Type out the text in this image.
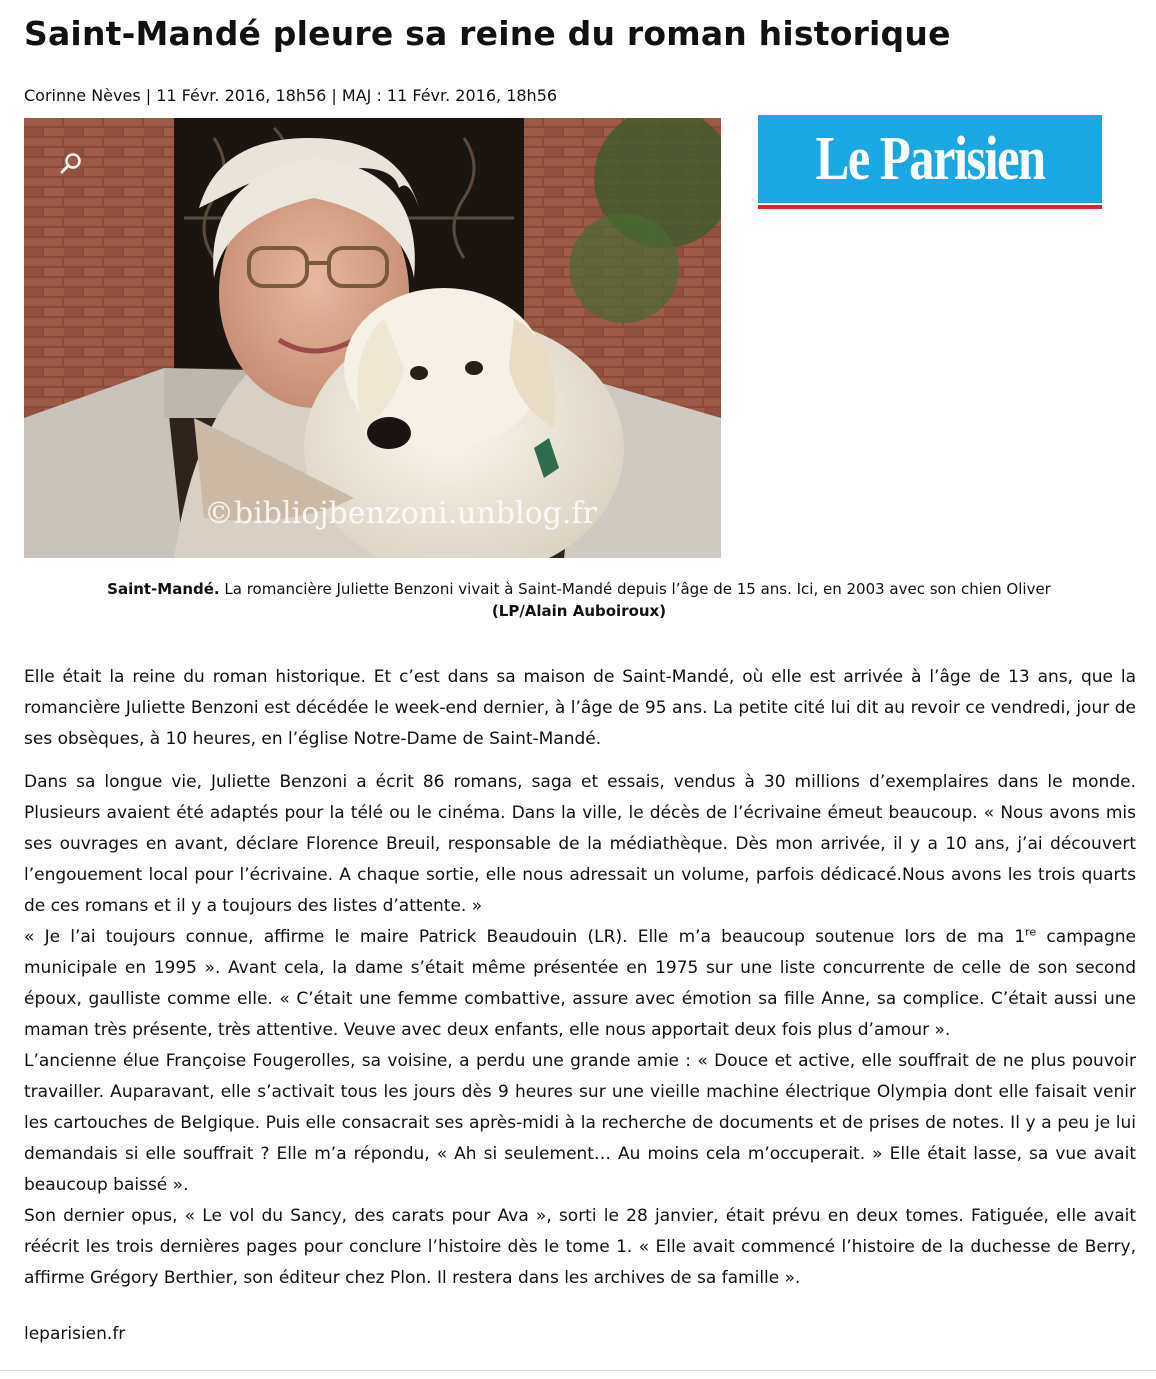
Saint-Mandé pleure sa reine du roman historique
Corinne Nèves | 11 Févr. 2016, 18h56 | MAJ : 11 Févr. 2016, 18h56
©bibliojbenzoni.unblog.fr
Le Parisien
Saint-Mandé. La romancière Juliette Benzoni vivait à Saint-Mandé depuis l’âge de 15 ans. Ici, en 2003 avec son chien Oliver
(LP/Alain Auboiroux)

Elle était la reine du roman historique. Et c’est dans sa maison de Saint-Mandé, où elle est arrivée à l’âge de 13 ans, que la romancière Juliette Benzoni est décédée le week-end dernier, à l’âge de 95 ans. La petite cité lui dit au revoir ce vendredi, jour de ses obsèques, à 10 heures, en l’église Notre-Dame de Saint-Mandé.

Dans sa longue vie, Juliette Benzoni a écrit 86 romans, saga et essais, vendus à 30 millions d’exemplaires dans le monde. Plusieurs avaient été adaptés pour la télé ou le cinéma. Dans la ville, le décès de l’écrivaine émeut beaucoup. « Nous avons mis ses ouvrages en avant, déclare Florence Breuil, responsable de la médiathèque. Dès mon arrivée, il y a 10 ans, j’ai découvert l’engouement local pour l’écrivaine. A chaque sortie, elle nous adressait un volume, parfois dédicacé.Nous avons les trois quarts de ces romans et il y a toujours des listes d’attente. »

« Je l’ai toujours connue, affirme le maire Patrick Beaudouin (LR). Elle m’a beaucoup soutenue lors de ma 1re campagne municipale en 1995 ». Avant cela, la dame s’était même présentée en 1975 sur une liste concurrente de celle de son second époux, gaulliste comme elle. « C’était une femme combattive, assure avec émotion sa fille Anne, sa complice. C’était aussi une maman très présente, très attentive. Veuve avec deux enfants, elle nous apportait deux fois plus d’amour ».

L’ancienne élue Françoise Fougerolles, sa voisine, a perdu une grande amie : « Douce et active, elle souffrait de ne plus pouvoir travailler. Auparavant, elle s’activait tous les jours dès 9 heures sur une vieille machine électrique Olympia dont elle faisait venir les cartouches de Belgique. Puis elle consacrait ses après-midi à la recherche de documents et de prises de notes. Il y a peu je lui demandais si elle souffrait ? Elle m’a répondu, « Ah si seulement… Au moins cela m’occuperait. » Elle était lasse, sa vue avait beaucoup baissé ».

Son dernier opus, « Le vol du Sancy, des carats pour Ava », sorti le 28 janvier, était prévu en deux tomes. Fatiguée, elle avait réécrit les trois dernières pages pour conclure l’histoire dès le tome 1. « Elle avait commencé l’histoire de la duchesse de Berry, affirme Grégory Berthier, son éditeur chez Plon. Il restera dans les archives de sa famille ».

leparisien.fr
